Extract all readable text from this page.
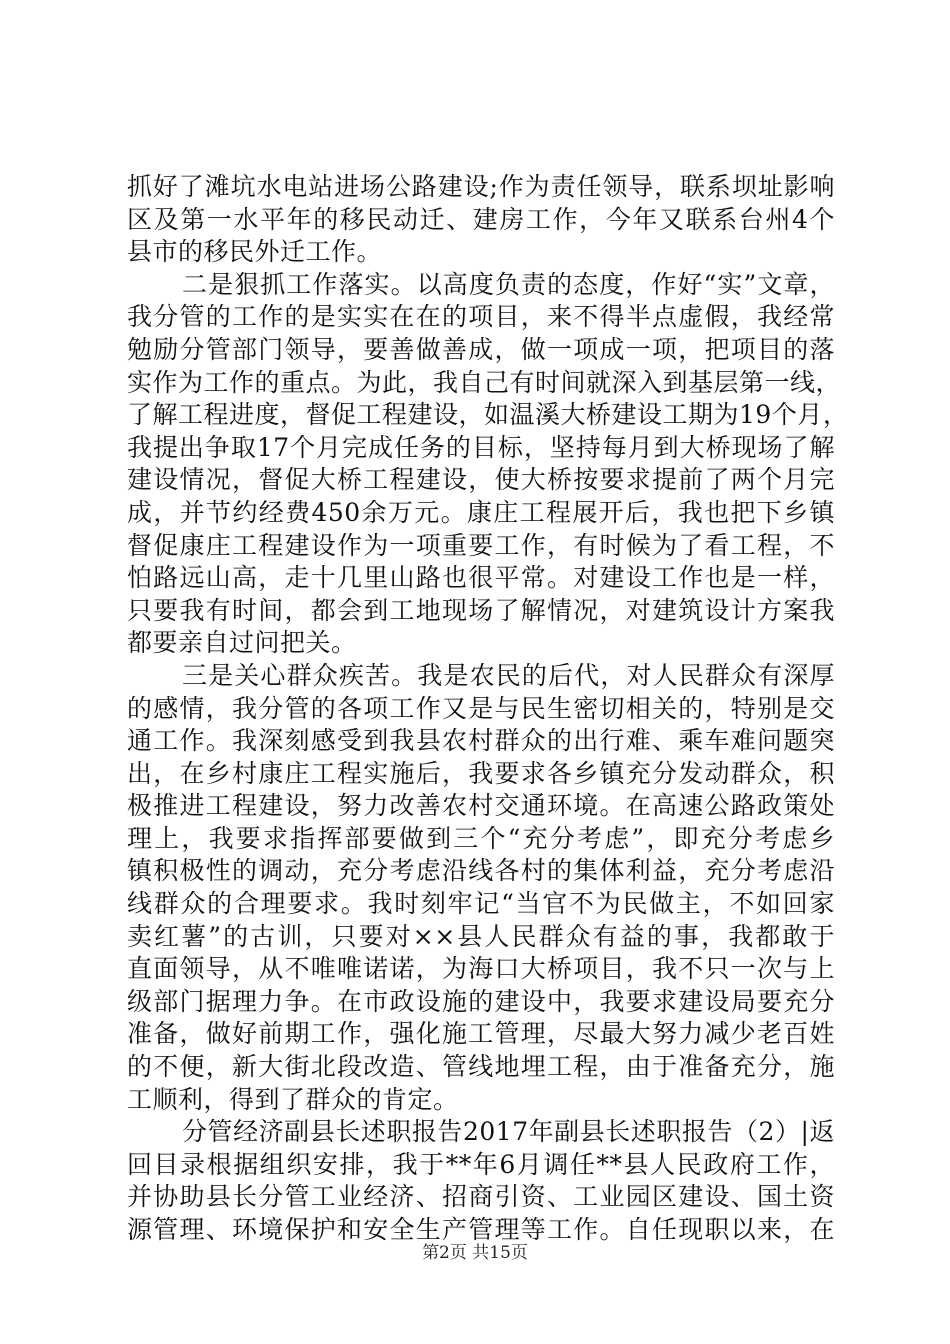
抓好了滩坑水电站进场公路建设;作为责任领导，联系坝址影响
区及第一水平年的移民动迁、建房工作，今年又联系台州4个
县市的移民外迁工作。
二是狠抓工作落实。以高度负责的态度，作好“实”文章，
我分管的工作的是实实在在的项目，来不得半点虚假，我经常
勉励分管部门领导，要善做善成，做一项成一项，把项目的落
实作为工作的重点。为此，我自己有时间就深入到基层第一线，
了解工程进度，督促工程建设，如温溪大桥建设工期为19个月，
我提出争取17个月完成任务的目标，坚持每月到大桥现场了解
建设情况，督促大桥工程建设，使大桥按要求提前了两个月完
成，并节约经费450余万元。康庄工程展开后，我也把下乡镇
督促康庄工程建设作为一项重要工作，有时候为了看工程，不
怕路远山高，走十几里山路也很平常。对建设工作也是一样，
只要我有时间，都会到工地现场了解情况，对建筑设计方案我
都要亲自过问把关。
三是关心群众疾苦。我是农民的后代，对人民群众有深厚
的感情，我分管的各项工作又是与民生密切相关的，特别是交
通工作。我深刻感受到我县农村群众的出行难、乘车难问题突
出，在乡村康庄工程实施后，我要求各乡镇充分发动群众，积
极推进工程建设，努力改善农村交通环境。在高速公路政策处
理上，我要求指挥部要做到三个“充分考虑”，即充分考虑乡
镇积极性的调动，充分考虑沿线各村的集体利益，充分考虑沿
线群众的合理要求。我时刻牢记“当官不为民做主，不如回家
卖红薯”的古训，只要对××县人民群众有益的事，我都敢于
直面领导，从不唯唯诺诺，为海口大桥项目，我不只一次与上
级部门据理力争。在市政设施的建设中，我要求建设局要充分
准备，做好前期工作，强化施工管理，尽最大努力减少老百姓
的不便，新大街北段改造、管线地埋工程，由于准备充分，施
工顺利，得到了群众的肯定。
分管经济副县长述职报告2017年副县长述职报告（2）|返
回目录根据组织安排，我于**年6月调任**县人民政府工作，
并协助县长分管工业经济、招商引资、工业园区建设、国土资
源管理、环境保护和安全生产管理等工作。自任现职以来，在
第2页 共15页
